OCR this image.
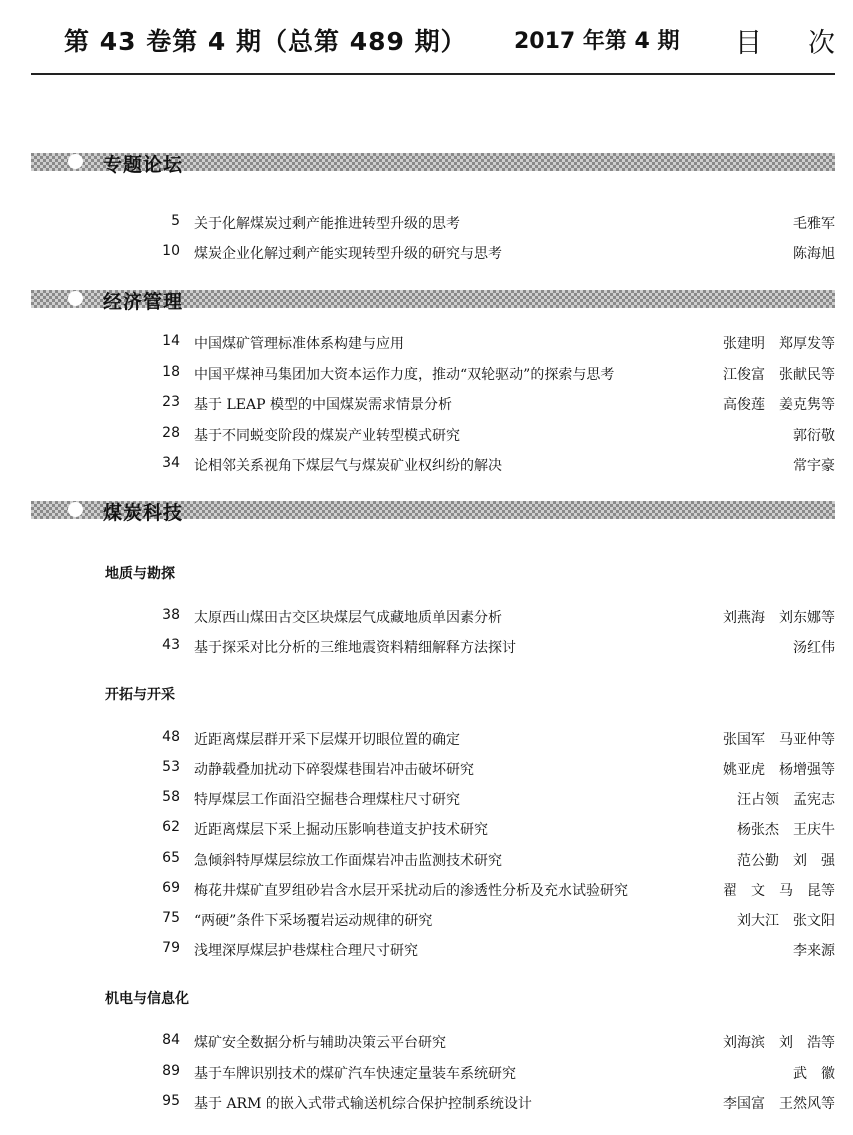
第 43 卷第 4 期（总第 489 期） 2017 年第 4 期 目 次
专题论坛
5 关于化解煤炭过剩产能推进转型升级的思考	毛雅军
10 煤炭企业化解过剩产能实现转型升级的研究与思考	陈海旭
经济管理
14 中国煤矿管理标准体系构建与应用	张建明　郑厚发等
18 中国平煤神马集团加大资本运作力度，推动“双轮驱动”的探索与思考	江俊富　张献民等
23 基于 LEAP 模型的中国煤炭需求情景分析	高俊莲　姜克隽等
28 基于不同蜕变阶段的煤炭产业转型模式研究	郭衍敬
34 论相邻关系视角下煤层气与煤炭矿业权纠纷的解决	常宇豪
煤炭科技
地质与勘探
38 太原西山煤田古交区块煤层气成藏地质单因素分析	刘燕海　刘东娜等
43 基于探采对比分析的三维地震资料精细解释方法探讨	汤红伟
开拓与开采
48 近距离煤层群开采下层煤开切眼位置的确定	张国军　马亚仲等
53 动静载叠加扰动下碎裂煤巷围岩冲击破坏研究	姚亚虎　杨增强等
58 特厚煤层工作面沿空掘巷合理煤柱尺寸研究	汪占领　孟宪志
62 近距离煤层下采上掘动压影响巷道支护技术研究	杨张杰　王庆牛
65 急倾斜特厚煤层综放工作面煤岩冲击监测技术研究	范公勤　刘　强
69 梅花井煤矿直罗组砂岩含水层开采扰动后的渗透性分析及充水试验研究	翟　文　马　昆等
75 “两硬”条件下采场覆岩运动规律的研究	刘大江　张文阳
79 浅埋深厚煤层护巷煤柱合理尺寸研究	李来源
机电与信息化
84 煤矿安全数据分析与辅助决策云平台研究	刘海滨　刘　浩等
89 基于车牌识别技术的煤矿汽车快速定量装车系统研究	武　徽
95 基于 ARM 的嵌入式带式输送机综合保护控制系统设计	李国富　王然风等
